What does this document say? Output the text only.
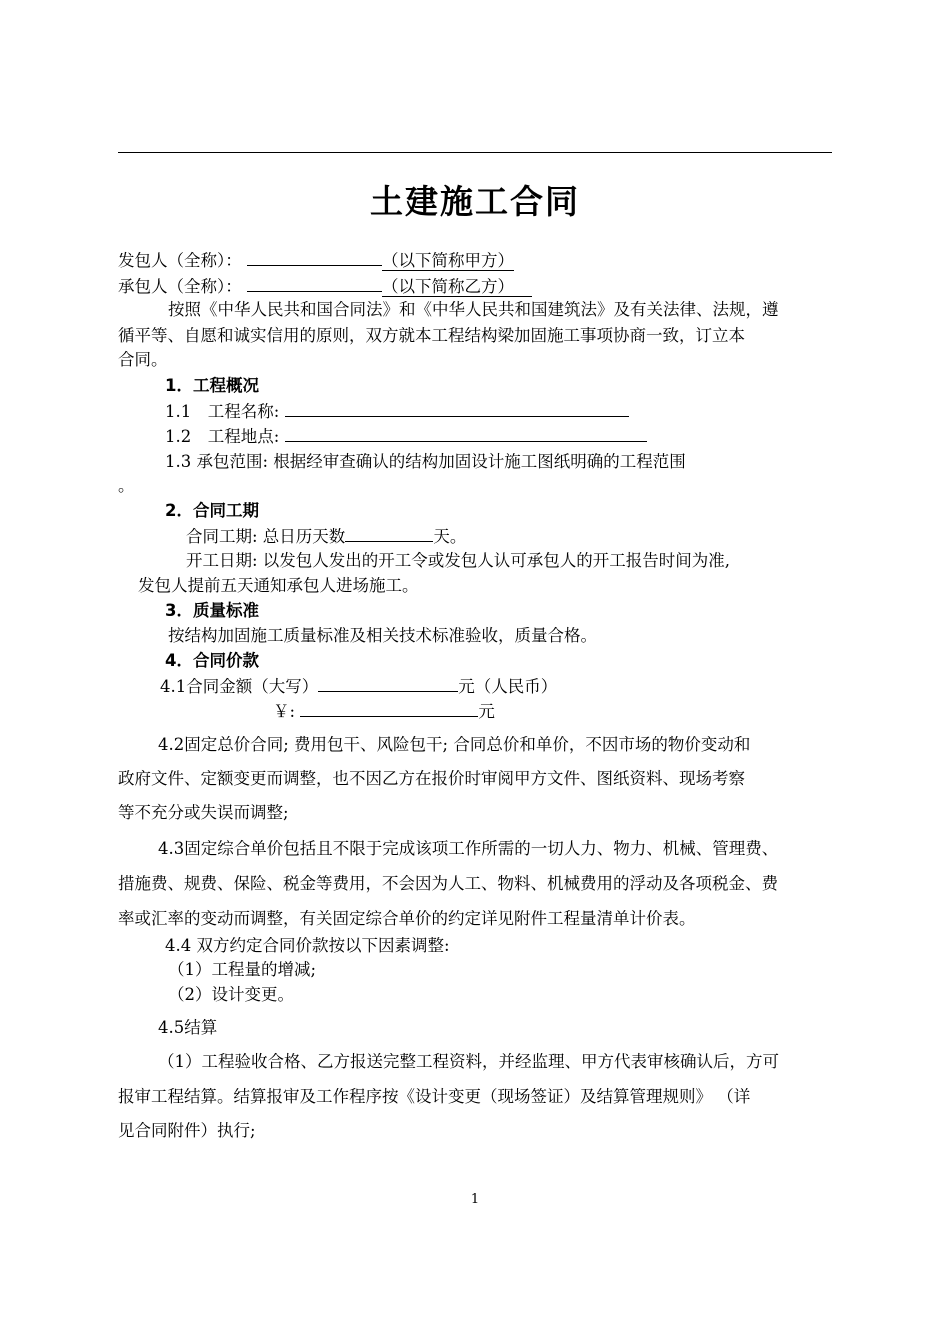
土建施工合同
发包人（全称）：	（以下简称甲方）
承包人（全称）：	（以下简称乙方）
按照《中华人民共和国合同法》和《中华人民共和国建筑法》及有关法律、法规，遵
循平等、自愿和诚实信用的原则，双方就本工程结构梁加固施工事项协商一致，订立本
合同。
1．工程概况
1.1　工程名称:
1.2　工程地点:
1.3 承包范围: 根据经审查确认的结构加固设计施工图纸明确的工程范围
。
2．合同工期
合同工期: 总日历天数	天。
开工日期: 以发包人发出的开工令或发包人认可承包人的开工报告时间为准,
发包人提前五天通知承包人进场施工。
3．质量标准
按结构加固施工质量标准及相关技术标准验收，质量合格。
4．合同价款
4.1合同金额（大写）	元（人民币）
￥:	元
4.2固定总价合同; 费用包干、风险包干; 合同总价和单价，不因市场的物价变动和
政府文件、定额变更而调整，也不因乙方在报价时审阅甲方文件、图纸资料、现场考察
等不充分或失误而调整;
4.3固定综合单价包括且不限于完成该项工作所需的一切人力、物力、机械、管理费、
措施费、规费、保险、税金等费用，不会因为人工、物料、机械费用的浮动及各项税金、费
率或汇率的变动而调整，有关固定综合单价的约定详见附件工程量清单计价表。
4.4 双方约定合同价款按以下因素调整:
（1）工程量的增减;
（2）设计变更。
4.5结算
（1）工程验收合格、乙方报送完整工程资料，并经监理、甲方代表审核确认后，方可
报审工程结算。结算报审及工作程序按《设计变更（现场签证）及结算管理规则》 （详
见合同附件）执行;
1
